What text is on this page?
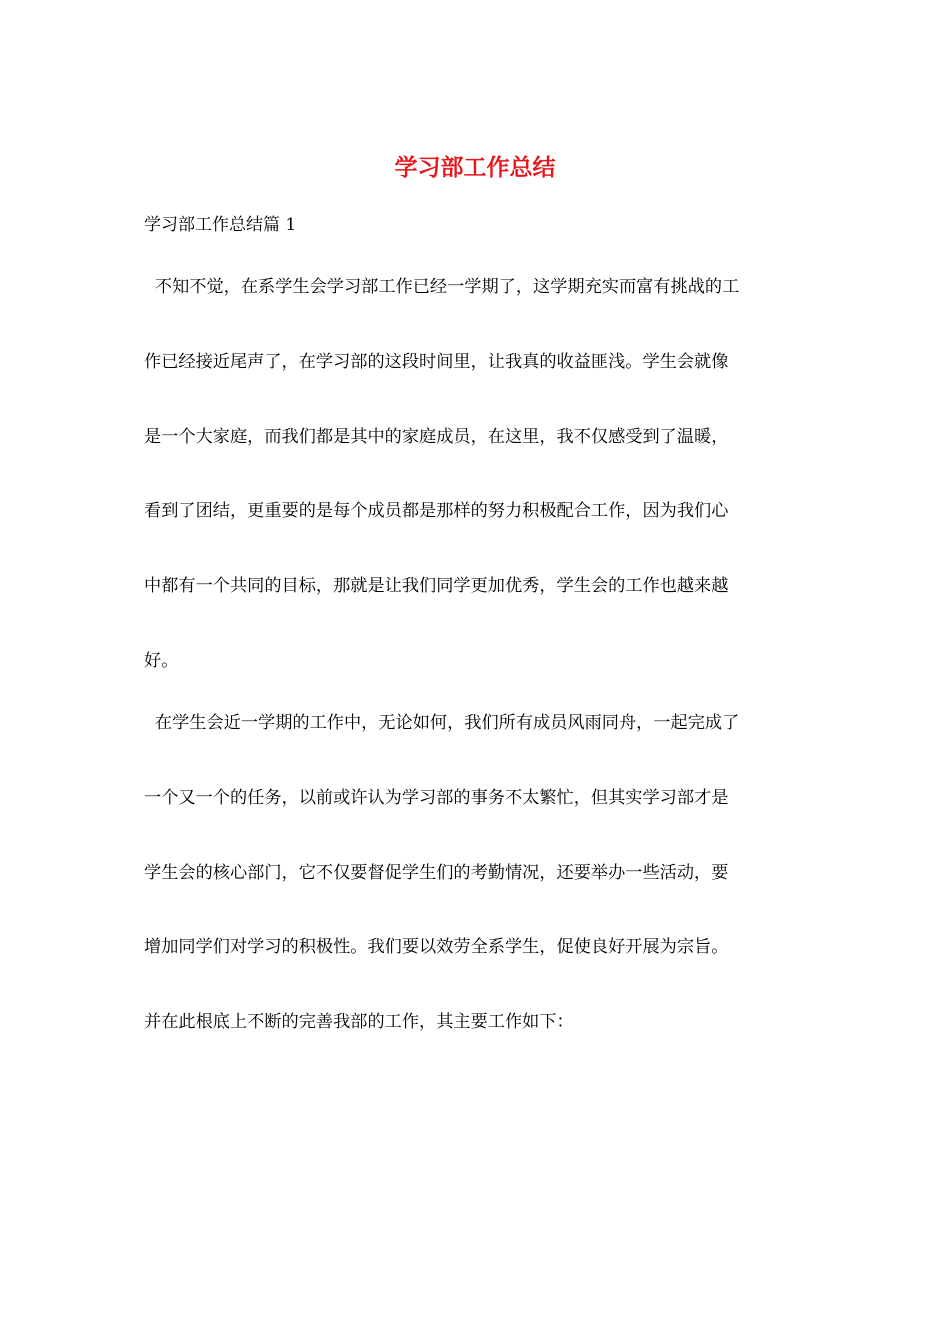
学习部工作总结

学习部工作总结篇 1

不知不觉，在系学生会学习部工作已经一学期了，这学期充实而富有挑战的工

作已经接近尾声了，在学习部的这段时间里，让我真的收益匪浅。学生会就像

是一个大家庭，而我们都是其中的家庭成员，在这里，我不仅感受到了温暖，

看到了团结，更重要的是每个成员都是那样的努力积极配合工作，因为我们心

中都有一个共同的目标，那就是让我们同学更加优秀，学生会的工作也越来越

好。

在学生会近一学期的工作中，无论如何，我们所有成员风雨同舟，一起完成了

一个又一个的任务，以前或许认为学习部的事务不太繁忙，但其实学习部才是

学生会的核心部门，它不仅要督促学生们的考勤情况，还要举办一些活动，要

增加同学们对学习的积极性。我们要以效劳全系学生，促使良好开展为宗旨。

并在此根底上不断的完善我部的工作，其主要工作如下：
